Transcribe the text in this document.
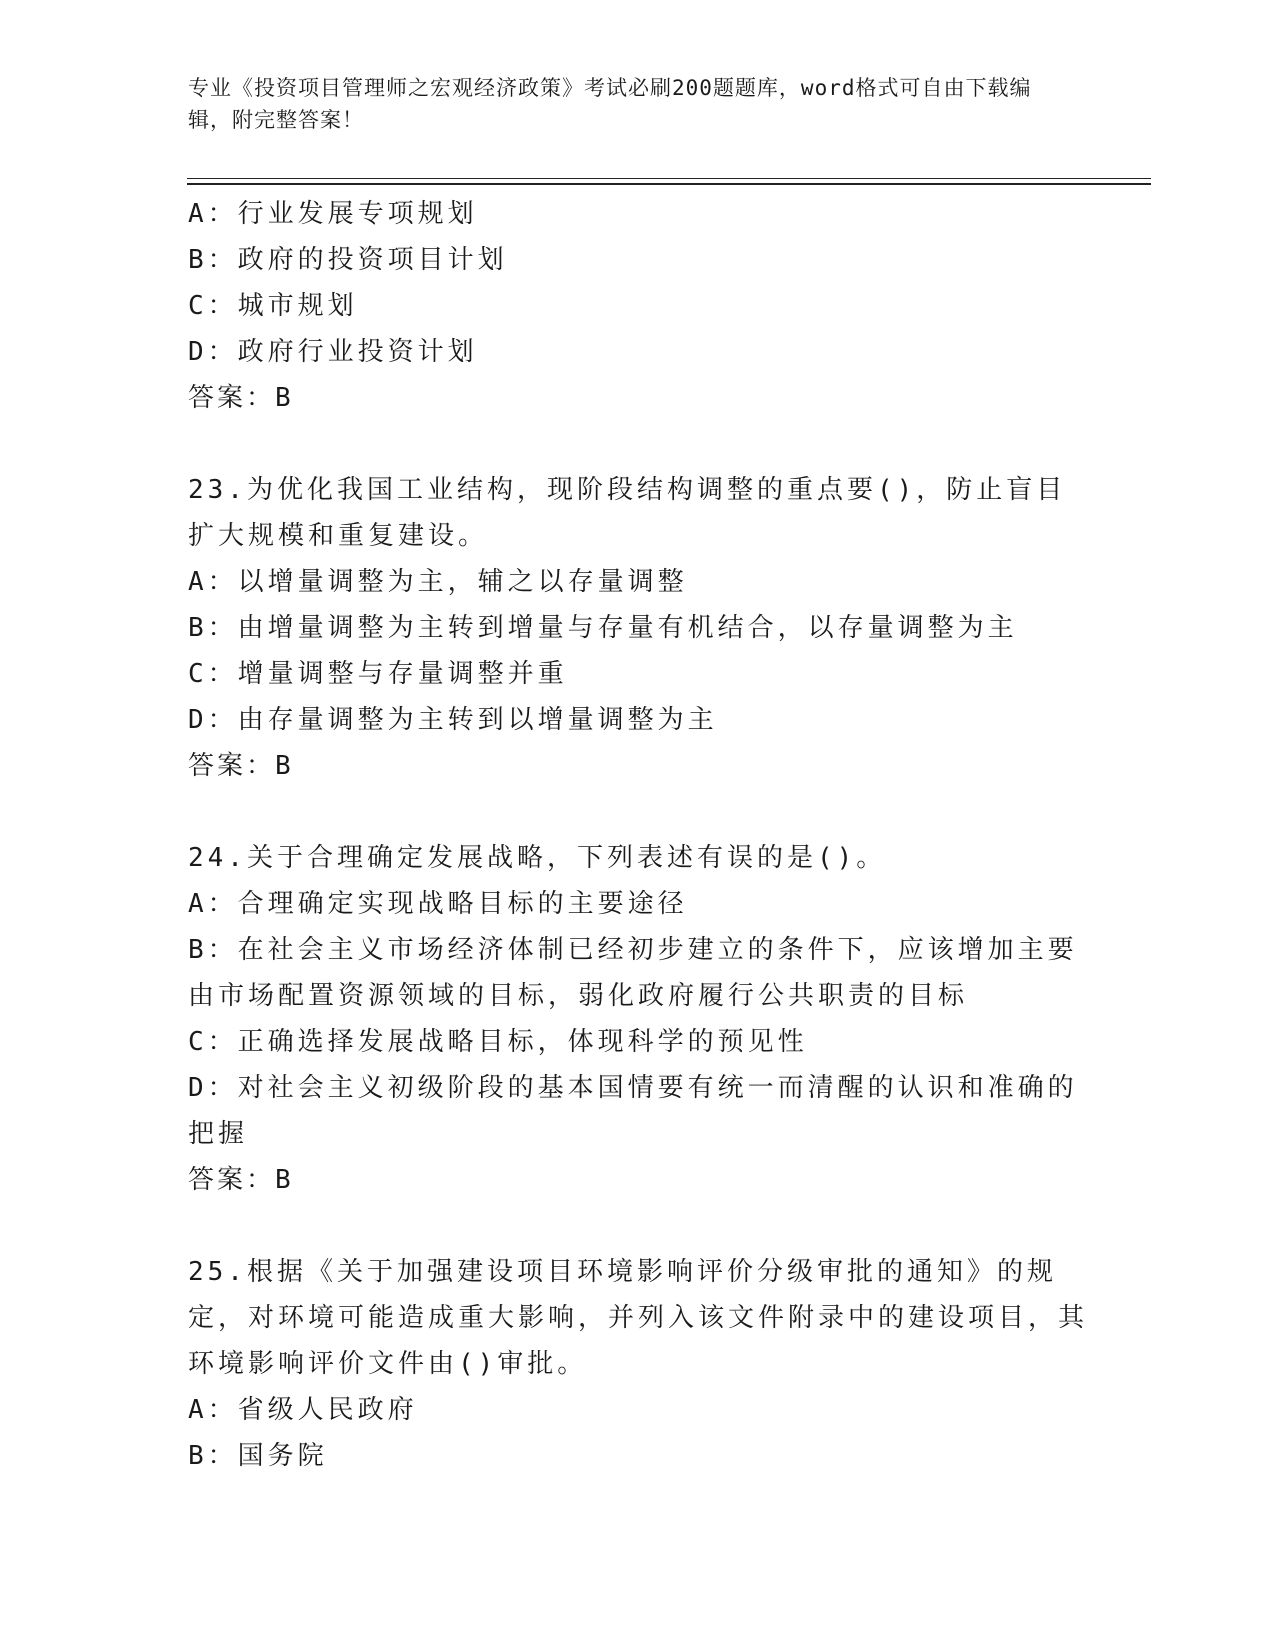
专业《投资项目管理师之宏观经济政策》考试必刷200题题库，word格式可自由下载编辑，附完整答案！

A：行业发展专项规划

B：政府的投资项目计划

C：城市规划

D：政府行业投资计划

答案：B

23.为优化我国工业结构，现阶段结构调整的重点要()，防止盲目扩大规模和重复建设。

A：以增量调整为主，辅之以存量调整

B：由增量调整为主转到增量与存量有机结合，以存量调整为主

C：增量调整与存量调整并重

D：由存量调整为主转到以增量调整为主

答案：B

24.关于合理确定发展战略，下列表述有误的是()。

A：合理确定实现战略目标的主要途径

B：在社会主义市场经济体制已经初步建立的条件下，应该增加主要由市场配置资源领域的目标，弱化政府履行公共职责的目标

C：正确选择发展战略目标，体现科学的预见性

D：对社会主义初级阶段的基本国情要有统一而清醒的认识和准确的把握

答案：B

25.根据《关于加强建设项目环境影响评价分级审批的通知》的规定，对环境可能造成重大影响，并列入该文件附录中的建设项目，其环境影响评价文件由()审批。

A：省级人民政府

B：国务院
